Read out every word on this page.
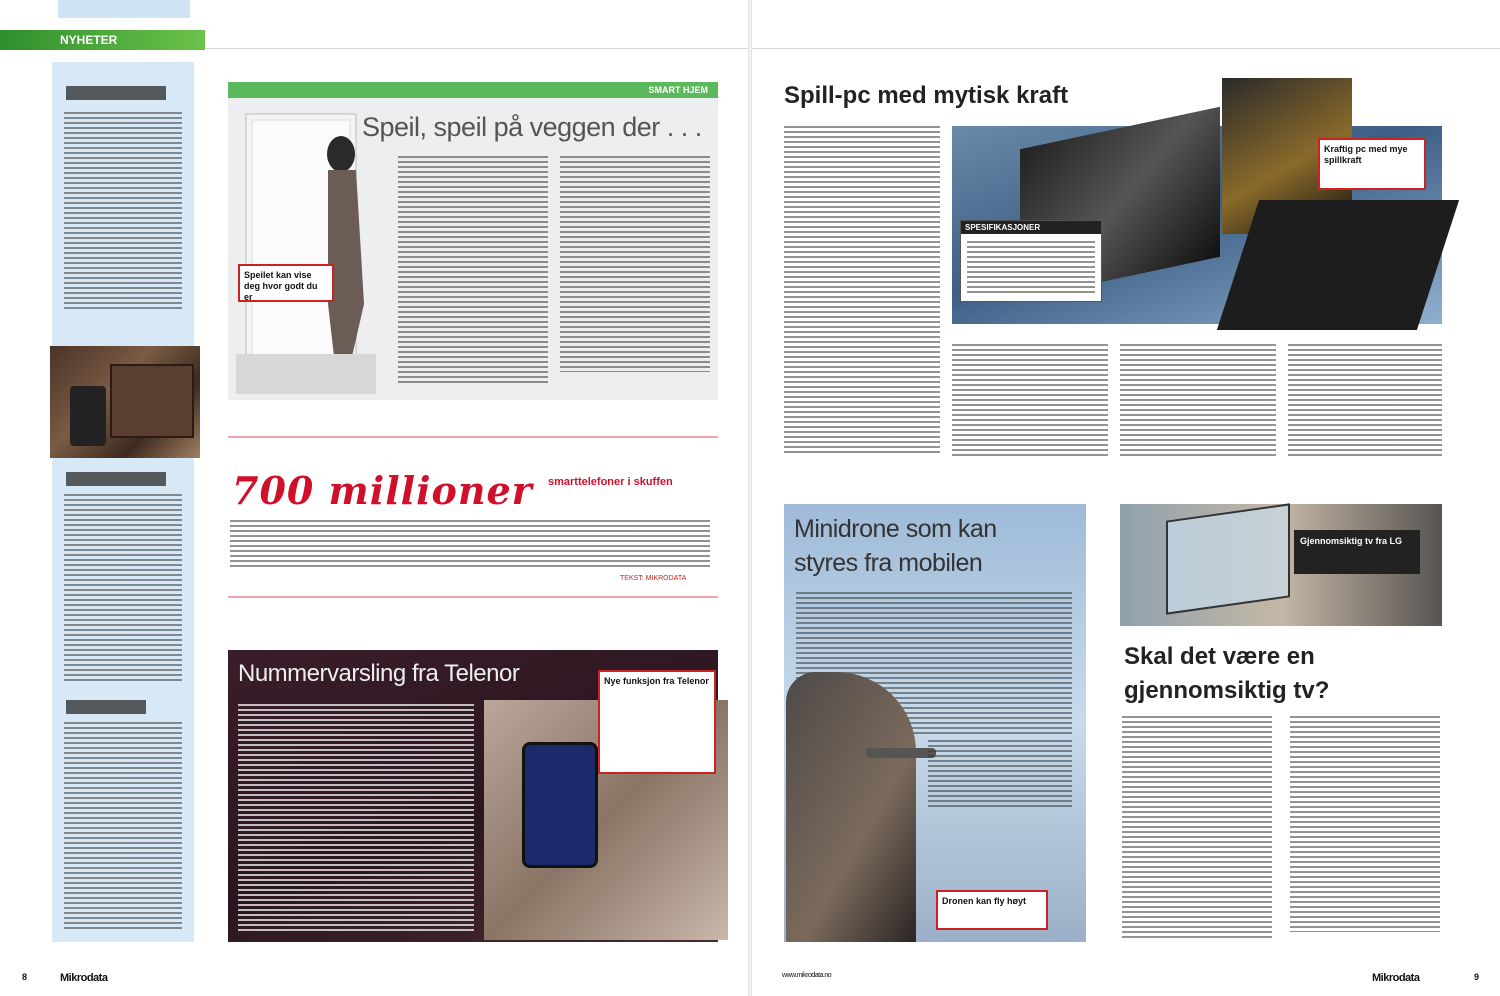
NYHETER
SMART HJEM
Speil, speil på veggen der . . .
Speilet kan vise deg hvor godt du er
700 millioner smarttelefoner i skuffen
TEKST: MIKRODATA
Nummervarsling fra Telenor	Nye funksjon fra Telenor
Spill-pc med mytisk kraft
SPESIFIKASJONER
Kraftig pc med mye spillkraft
Minidrone som kan styres fra mobilen
Dronen kan fly høyt
Gjennomsiktig tv fra LG
Skal det være en gjennomsiktig tv?
8	Mikrodata	www.mikrodata.no	Mikrodata	9
